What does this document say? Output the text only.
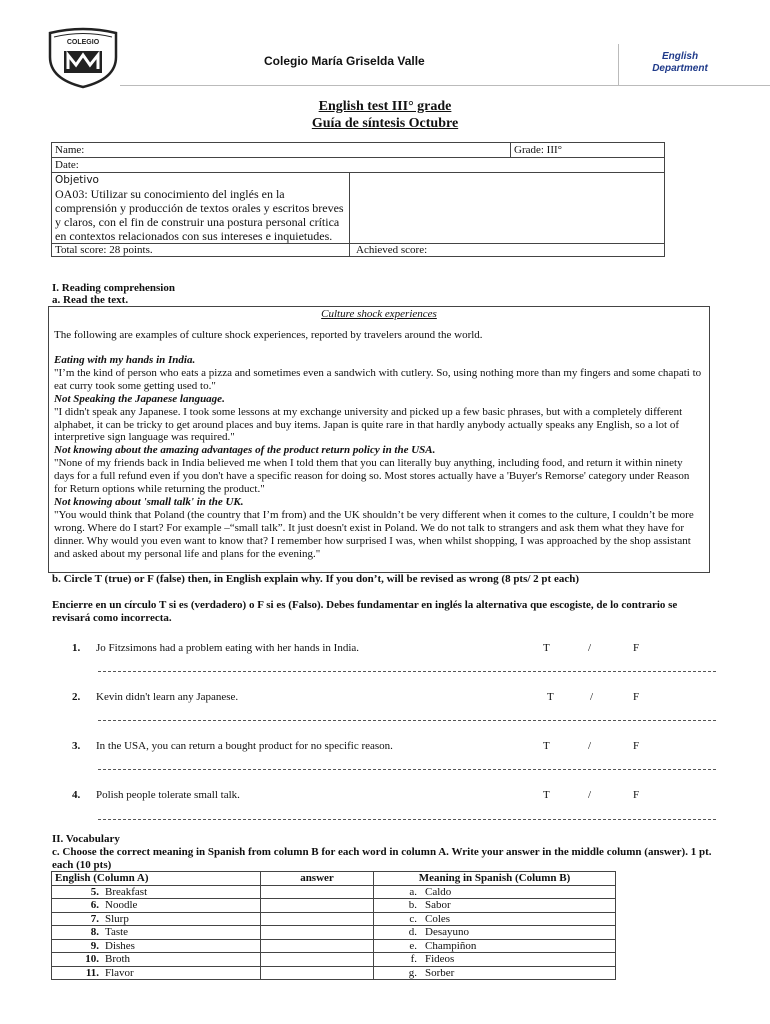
COLEGIO
Colegio María Griselda Valle	English
Department
English test III° grade
Guía de síntesis Octubre
Name:	Grade: III°
Date:

Objetivo
OA03: Utilizar su conocimiento del inglés en la comprensión y producción de textos orales y escritos breves y claros, con el fin de construir una postura personal crítica en contextos relacionados con sus intereses e inquietudes.

Total score: 28 points.	Achieved score:
I. Reading comprehension
a. Read the text.
Culture shock experiences
The following are examples of culture shock experiences, reported by travelers around the world.
Eating with my hands in India.
"I’m the kind of person who eats a pizza and sometimes even a sandwich with cutlery. So, using nothing more than my fingers and some chapati to eat curry took some getting used to."
Not Speaking the Japanese language.
"I didn't speak any Japanese. I took some lessons at my exchange university and picked up a few basic phrases, but with a completely different alphabet, it can be tricky to get around places and buy items. Japan is quite rare in that hardly anybody actually speaks any English, so a lot of interpretive sign language was required."
Not knowing about the amazing advantages of the product return policy in the USA.
"None of my friends back in India believed me when I told them that you can literally buy anything, including food, and return it within ninety days for a full refund even if you don't have a specific reason for doing so. Most stores actually have a 'Buyer's Remorse' category under Reason for Return options while returning the product."
Not knowing about 'small talk' in the UK.
"You would think that Poland (the country that I’m from) and the UK shouldn’t be very different when it comes to the culture, I couldn’t be more wrong. Where do I start? For example –“small talk”. It just doesn't exist in Poland. We do not talk to strangers and ask them what they have for dinner. Why would you even want to know that? I remember how surprised I was, when whilst shopping, I was approached by the shop assistant and asked about my personal life and plans for the evening."
b. Circle T (true) or F (false) then, in English explain why. If you don’t, will be revised as wrong (8 pts/ 2 pt each)
Encierre en un círculo T si es (verdadero) o F si es (Falso). Debes fundamentar en inglés la alternativa que escogiste, de lo contrario se revisará como incorrecta.
1. Jo Fitzsimons had a problem eating with her hands in India.	T	/	F
2. Kevin didn't learn any Japanese.	T	/	F
3. In the USA, you can return a bought product for no specific reason.	T	/	F
4. Polish people tolerate small talk.	T	/	F
II. Vocabulary
c. Choose the correct meaning in Spanish from column B for each word in column A. Write your answer in the middle column (answer). 1 pt. each (10 pts)
English (Column A)	answer	Meaning in Spanish (Column B)
5. Breakfast		a. Caldo
6. Noodle		b. Sabor
7. Slurp		c. Coles
8. Taste		d. Desayuno
9. Dishes		e. Champiñon
10. Broth		f. Fideos
11. Flavor		g. Sorber
